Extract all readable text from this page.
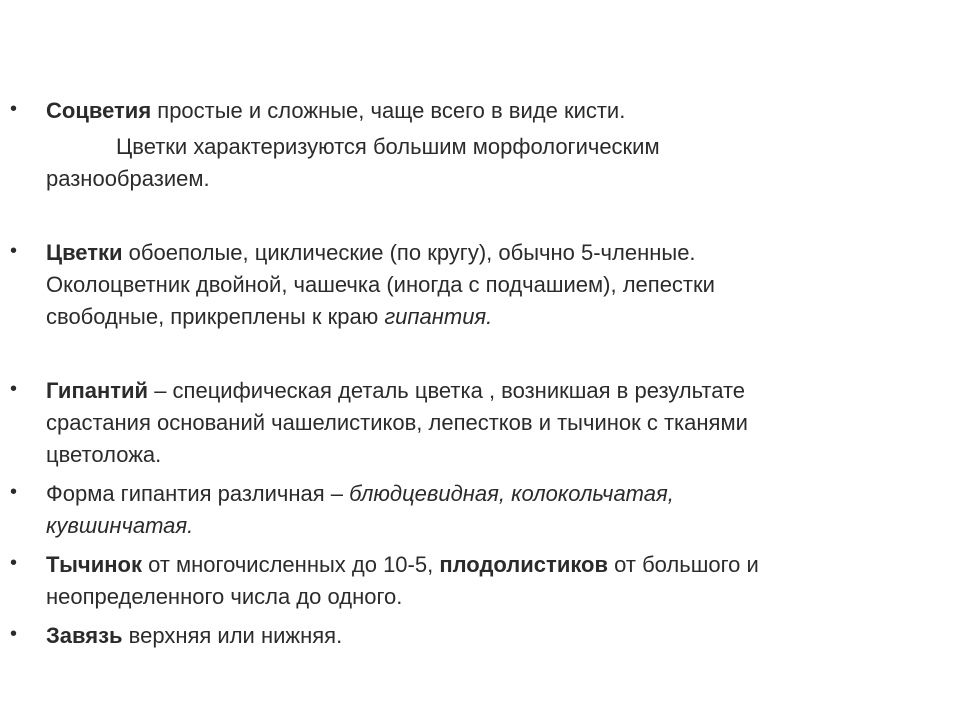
•	Соцветия простые и сложные, чаще всего в виде кисти.
Цветки характеризуются большим морфологическим
разнообразием.
•	Цветки обоеполые, циклические (по кругу), обычно 5-членные.
Околоцветник двойной, чашечка (иногда с подчашием), лепестки
свободные, прикреплены к краю гипантия.
•	Гипантий – специфическая деталь цветка , возникшая в результате
срастания оснований чашелистиков, лепестков и тычинок с тканями
цветоложа.
•	Форма гипантия различная – блюдцевидная, колокольчатая,
кувшинчатая.
•	Тычинок от многочисленных до 10-5, плодолистиков от большого и
неопределенного числа до одного.
•	Завязь верхняя или нижняя.
